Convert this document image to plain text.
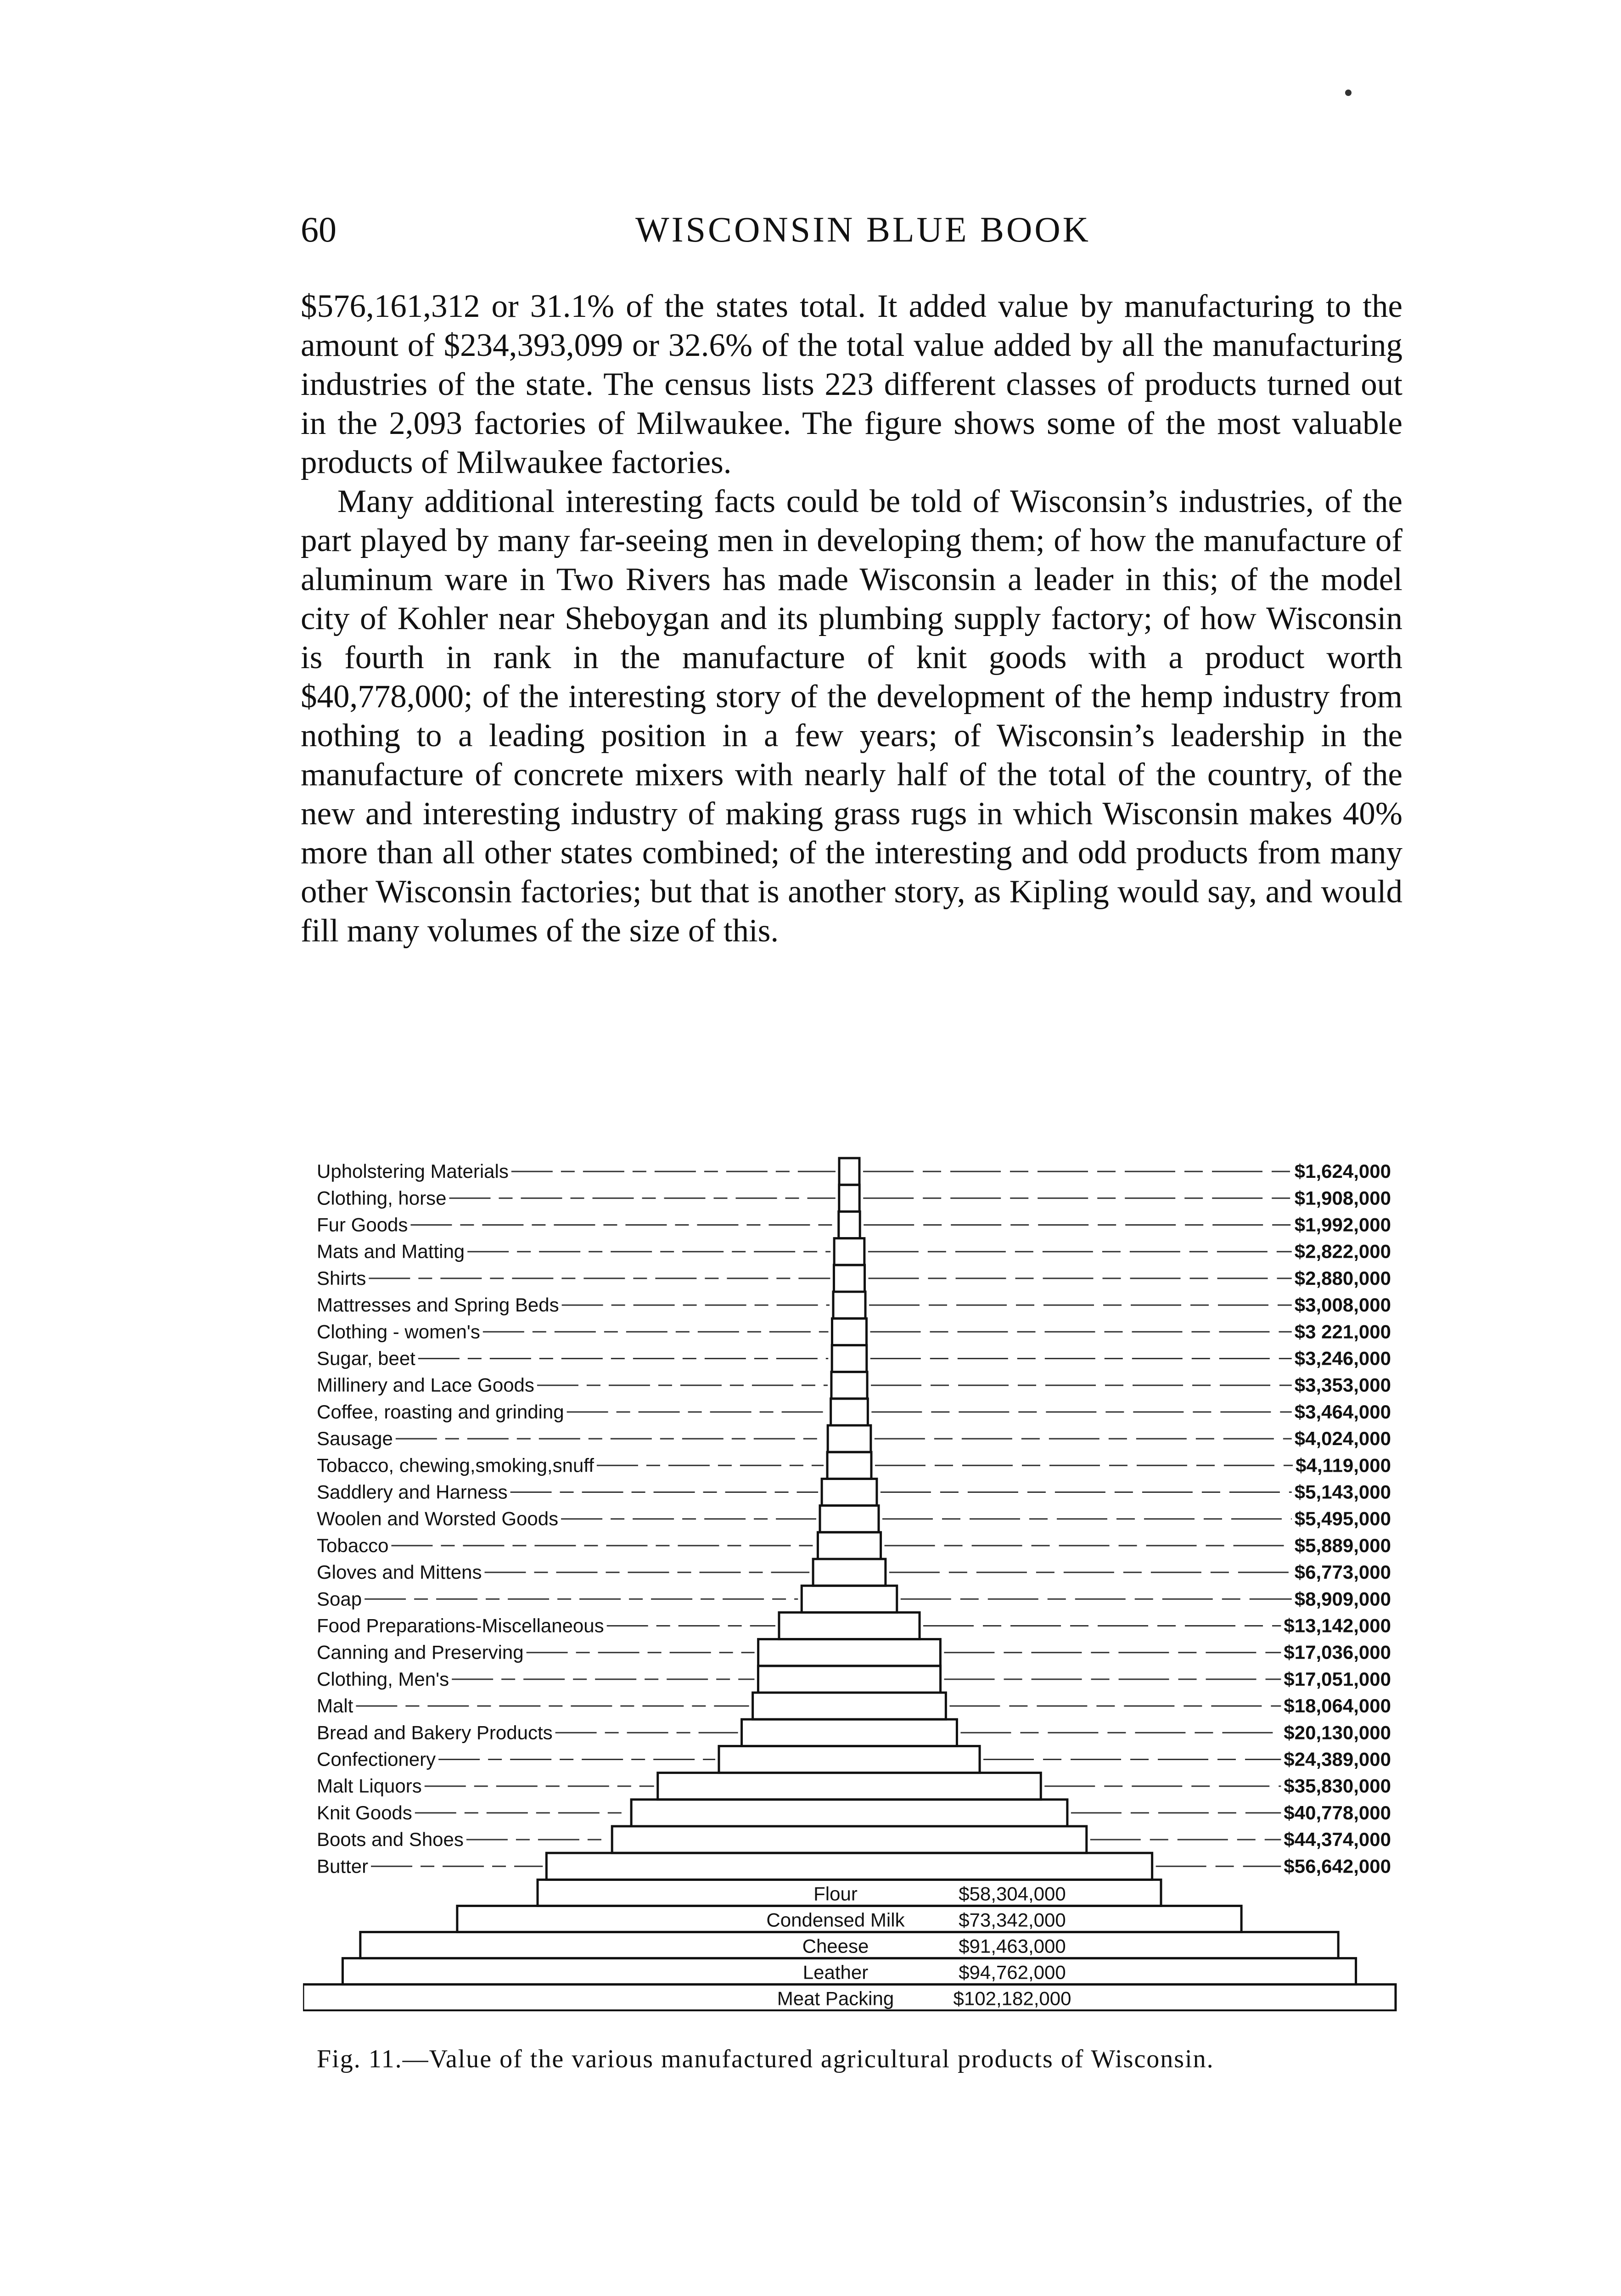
60	WISCONSIN BLUE BOOK

$576,161,312 or 31.1% of the states total. It added value by manufacturing to the amount of $234,393,099 or 32.6% of the total value added by all the manufacturing industries of the state. The census lists 223 different classes of products turned out in the 2,093 factories of Milwaukee. The figure shows some of the most valuable products of Milwaukee factories.

Many additional interesting facts could be told of Wisconsin’s industries, of the part played by many far-seeing men in developing them; of how the manufacture of aluminum ware in Two Rivers has made Wisconsin a leader in this; of the model city of Kohler near Sheboygan and its plumbing supply factory; of how Wisconsin is fourth in rank in the manufacture of knit goods with a product worth $40,778,000; of the interesting story of the development of the hemp industry from nothing to a leading position in a few years; of Wisconsin’s leadership in the manufacture of concrete mixers with nearly half of the total of the country, of the new and interesting industry of making grass rugs in which Wisconsin makes 40% more than all other states combined; of the interesting and odd products from many other Wisconsin factories; but that is another story, as Kipling would say, and would fill many volumes of the size of this.

Upholstering Materials	$1,624,000
Clothing, horse	$1,908,000
Fur Goods	$1,992,000
Mats and Matting	$2,822,000
Shirts	$2,880,000
Mattresses and Spring Beds	$3,008,000
Clothing - women's	$3 221,000
Sugar, beet	$3,246,000
Millinery and Lace Goods	$3,353,000
Coffee, roasting and grinding	$3,464,000
Sausage	$4,024,000
Tobacco, chewing,smoking,snuff	$4,119,000
Saddlery and Harness	$5,143,000
Woolen and Worsted Goods	$5,495,000
Tobacco	$5,889,000
Gloves and Mittens	$6,773,000
Soap	$8,909,000
Food Preparations-Miscellaneous	$13,142,000
Canning and Preserving	$17,036,000
Clothing, Men's	$17,051,000
Malt	$18,064,000
Bread and Bakery Products	$20,130,000
Confectionery	$24,389,000
Malt Liquors	$35,830,000
Knit Goods	$40,778,000
Boots and Shoes	$44,374,000
Butter	$56,642,000
Flour	$58,304,000
Condensed Milk	$73,342,000
Cheese	$91,463,000
Leather	$94,762,000
Meat Packing	$102,182,000

Fig. 11.—Value of the various manufactured agricultural products of Wisconsin.
